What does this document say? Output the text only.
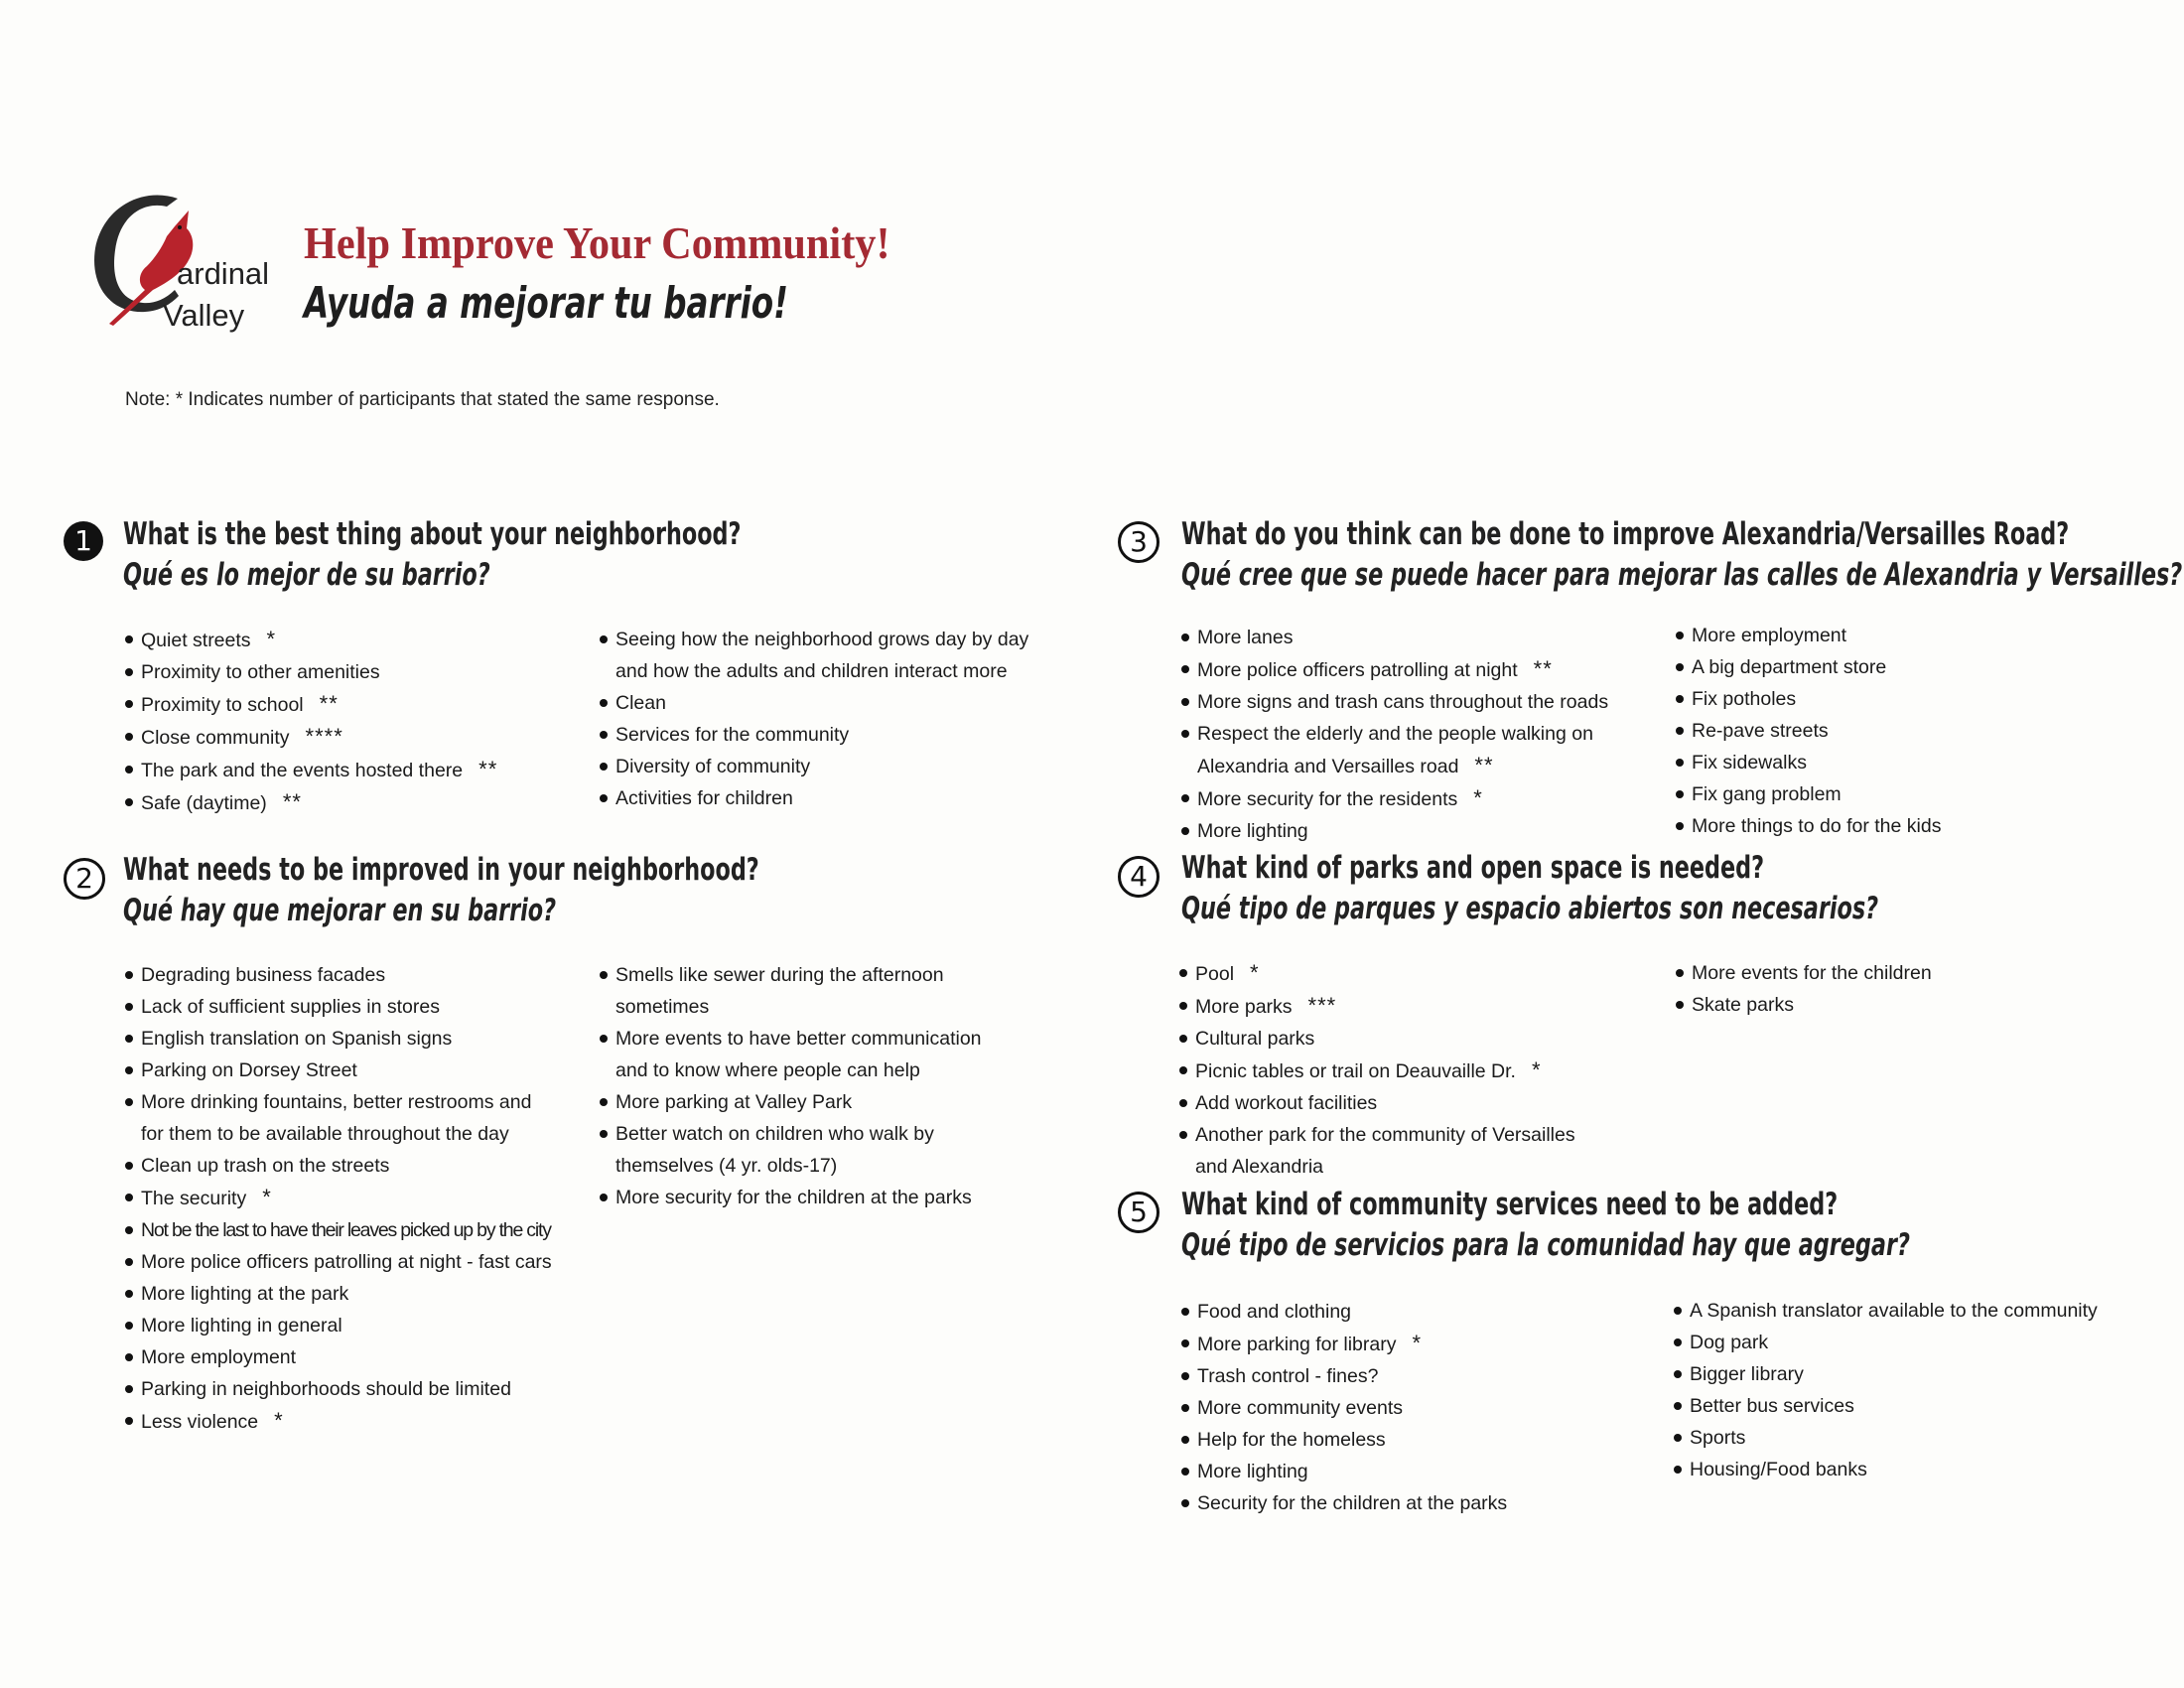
ardinal
Valley
Help Improve Your Community!
Ayuda a mejorar tu barrio!
Note: * Indicates number of participants that stated the same response.
1	What is the best thing about your neighborhood?
Qué es lo mejor de su barrio?
Quiet streets *
Proximity to other amenities
Proximity to school **
Close community ****
The park and the events hosted there **
Safe (daytime) **
Seeing how the neighborhood grows day by day
and how the adults and children interact more
Clean
Services for the community
Diversity of community
Activities for children
2 What needs to be improved in your neighborhood?
Qué hay que mejorar en su barrio?
Degrading business facades
Lack of sufficient supplies in stores
English translation on Spanish signs
Parking on Dorsey Street
More drinking fountains, better restrooms and
for them to be available throughout the day
Clean up trash on the streets
The security *
Not be the last to have their leaves picked up by the city
More police officers patrolling at night - fast cars
More lighting at the park
More lighting in general
More employment
Parking in neighborhoods should be limited
Less violence *
Smells like sewer during the afternoon
sometimes
More events to have better communication
and to know where people can help
More parking at Valley Park
Better watch on children who walk by
themselves (4 yr. olds-17)
More security for the children at the parks
3	What do you think can be done to improve Alexandria/Versailles Road?
Qué cree que se puede hacer para mejorar las calles de Alexandria y Versailles?
More lanes
More police officers patrolling at night **
More signs and trash cans throughout the roads
Respect the elderly and the people walking on
Alexandria and Versailles road **
More security for the residents *
More lighting
More employment
A big department store
Fix potholes
Re-pave streets
Fix sidewalks
Fix gang problem
More things to do for the kids
4	What kind of parks and open space is needed?
Qué tipo de parques y espacio abiertos son necesarios?
Pool *
More parks ***
Cultural parks
Picnic tables or trail on Deauvaille Dr. *
Add workout facilities
Another park for the community of Versailles
and Alexandria
More events for the children
Skate parks
5	What kind of community services need to be added?
Qué tipo de servicios para la comunidad hay que agregar?
Food and clothing
More parking for library *
Trash control - fines?
More community events
Help for the homeless
More lighting
Security for the children at the parks
A Spanish translator available to the community
Dog park
Bigger library
Better bus services
Sports
Housing/Food banks
